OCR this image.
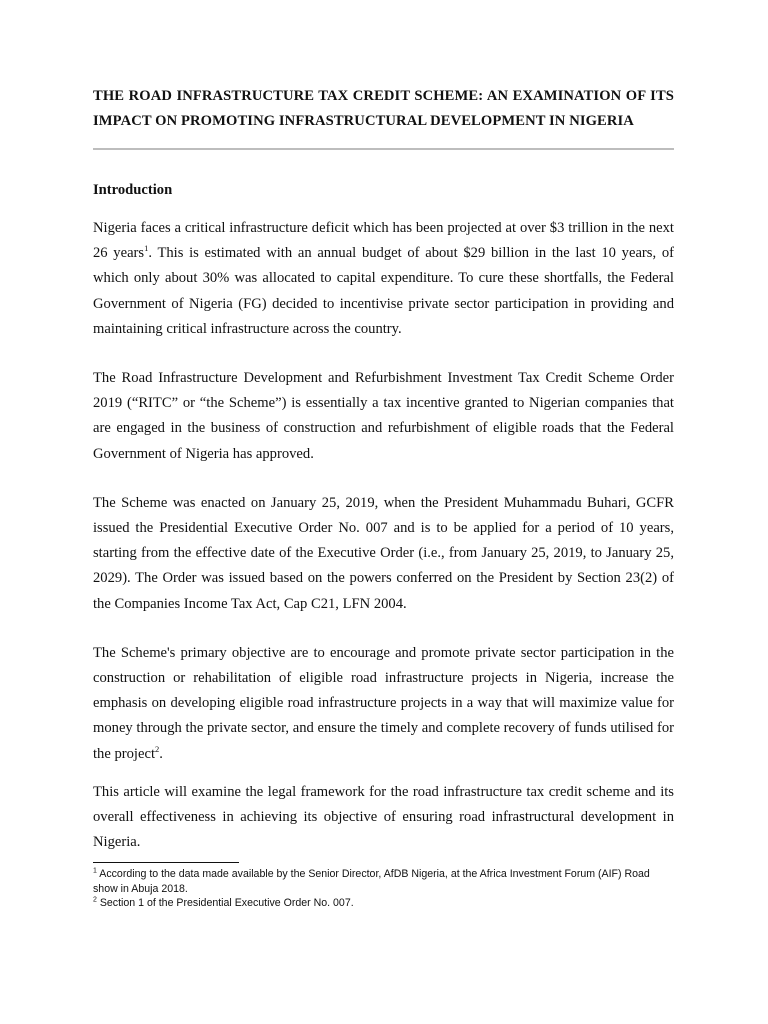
THE ROAD INFRASTRUCTURE TAX CREDIT SCHEME: AN EXAMINATION OF ITS IMPACT ON PROMOTING INFRASTRUCTURAL DEVELOPMENT IN NIGERIA
Introduction

Nigeria faces a critical infrastructure deficit which has been projected at over $3 trillion in the next 26 years$^1$. This is estimated with an annual budget of about $29 billion in the last 10 years, of which only about 30% was allocated to capital expenditure. To cure these shortfalls, the Federal Government of Nigeria (FG) decided to incentivise private sector participation in providing and maintaining critical infrastructure across the country.

The Road Infrastructure Development and Refurbishment Investment Tax Credit Scheme Order 2019 (“RITC” or “the Scheme”) is essentially a tax incentive granted to Nigerian companies that are engaged in the business of construction and refurbishment of eligible roads that the Federal Government of Nigeria has approved.

The Scheme was enacted on January 25, 2019, when the President Muhammadu Buhari, GCFR issued the Presidential Executive Order No. 007 and is to be applied for a period of 10 years, starting from the effective date of the Executive Order (i.e., from January 25, 2019, to January 25, 2029). The Order was issued based on the powers conferred on the President by Section 23(2) of the Companies Income Tax Act, Cap C21, LFN 2004.

The Scheme's primary objective are to encourage and promote private sector participation in the construction or rehabilitation of eligible road infrastructure projects in Nigeria, increase the emphasis on developing eligible road infrastructure projects in a way that will maximize value for money through the private sector, and ensure the timely and complete recovery of funds utilised for the project$^2$.

This article will examine the legal framework for the road infrastructure tax credit scheme and its overall effectiveness in achieving its objective of ensuring road infrastructural development in Nigeria.

$^1$ According to the data made available by the Senior Director, AfDB Nigeria, at the Africa Investment Forum (AIF) Road show in Abuja 2018.

$^2$ Section 1 of the Presidential Executive Order No. 007.
